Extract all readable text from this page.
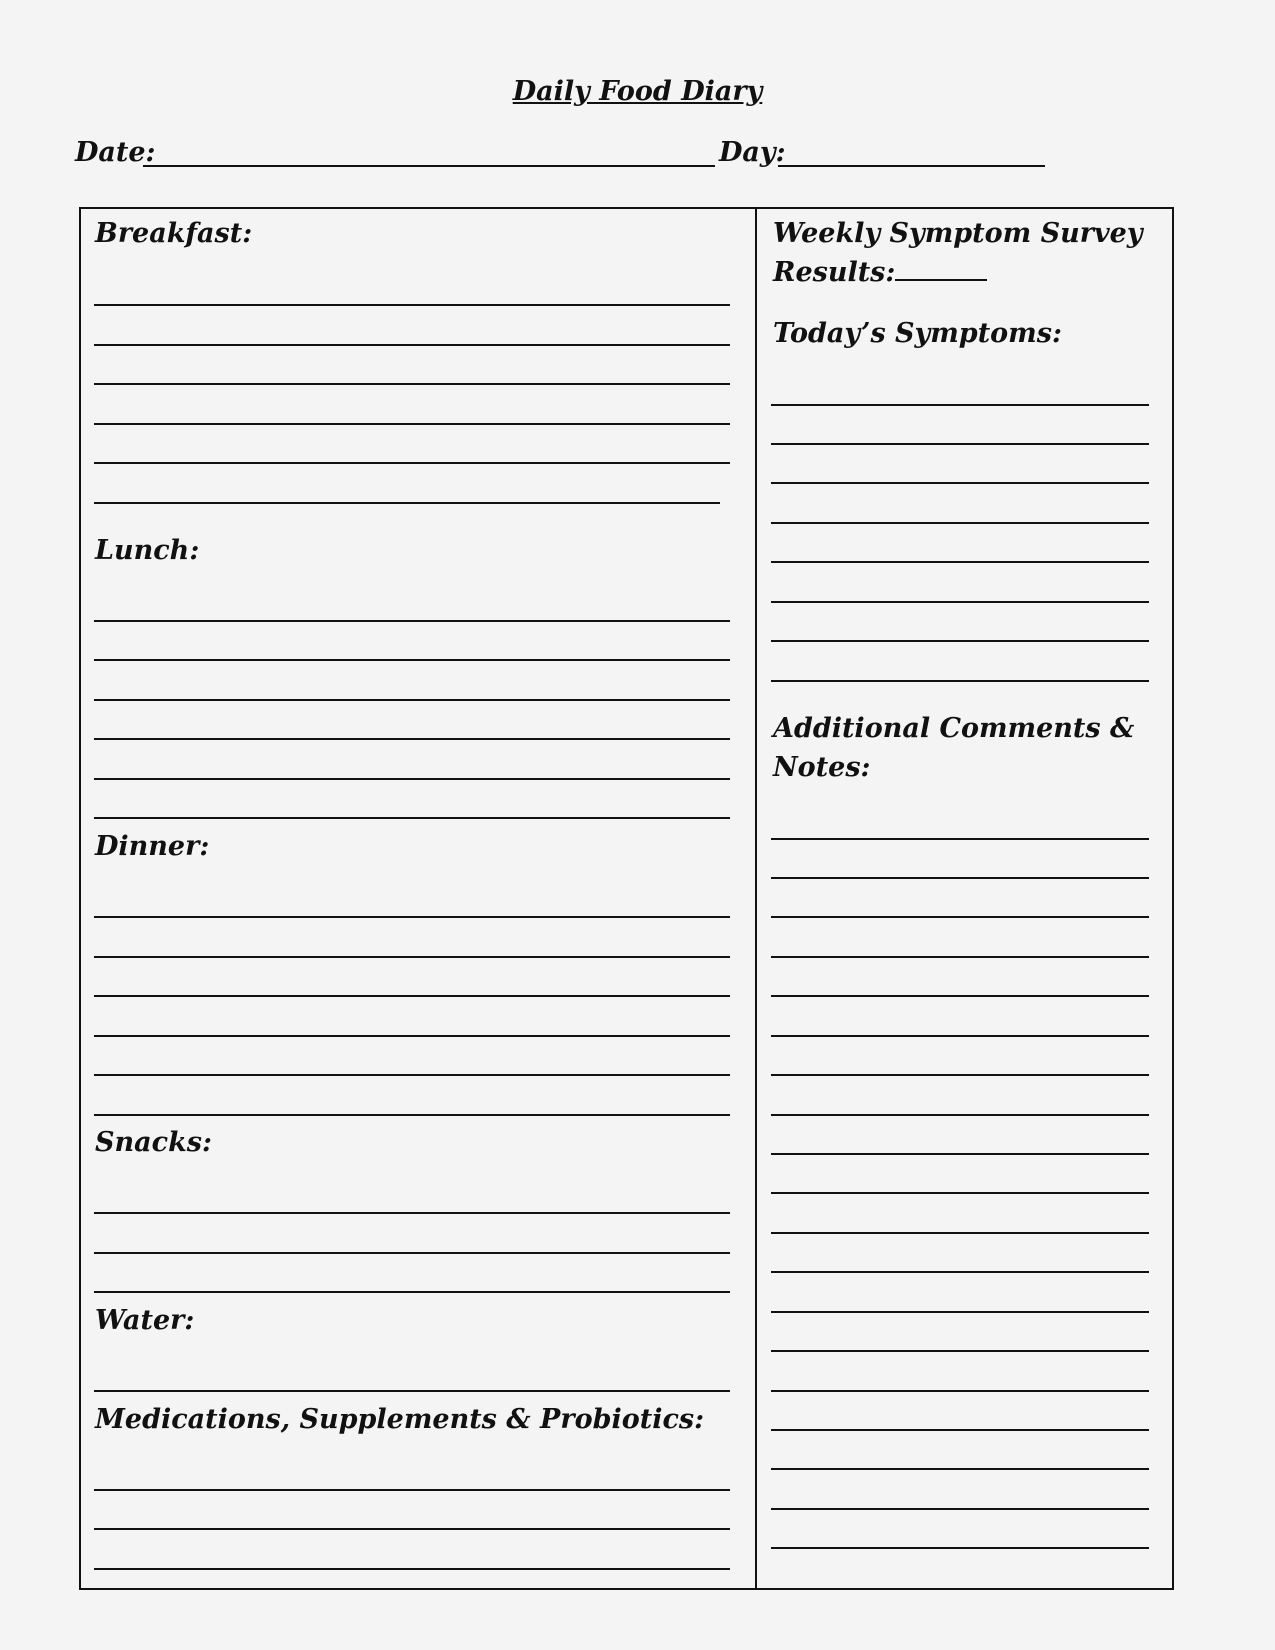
Daily Food Diary
Date:	Day:
Breakfast:
Lunch:
Dinner:
Snacks:
Water:
Medications, Supplements & Probiotics:
Weekly Symptom Survey
Results:
Today’s Symptoms:
Additional Comments &
Notes:
